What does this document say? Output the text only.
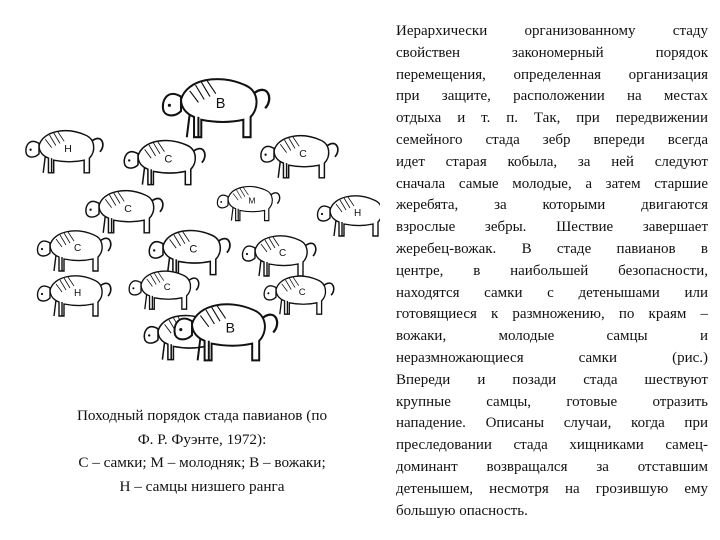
В
Н
С	С
С
М
Н
С	С	С
С
Н	С
В
Походный порядок стада павианов (по
Ф. Р. Фуэнте, 1972):
С – самки; М – молодняк; В – вожаки;
Н – самцы низшего ранга
Иерархически организованному стаду
свойствен закономерный порядок
перемещения, определенная организация
при защите, расположении на местах
отдыха и т. п. Так, при передвижении
семейного стада зебр впереди всегда
идет старая кобыла, за ней следуют
сначала самые молодые, а затем старшие
жеребята, за которыми двигаются
взрослые зебры. Шествие завершает
жеребец-вожак. В стаде павианов в
центре, в наибольшей безопасности,
находятся самки с детенышами или
готовящиеся к размножению, по краям –
вожаки, молодые самцы и
неразмножающиеся самки (рис.)
Впереди и позади стада шествуют
крупные самцы, готовые отразить
нападение. Описаны случаи, когда при
преследовании стада хищниками самец-
доминант возвращался за отставшим
детенышем, несмотря на грозившую ему
большую опасность.
